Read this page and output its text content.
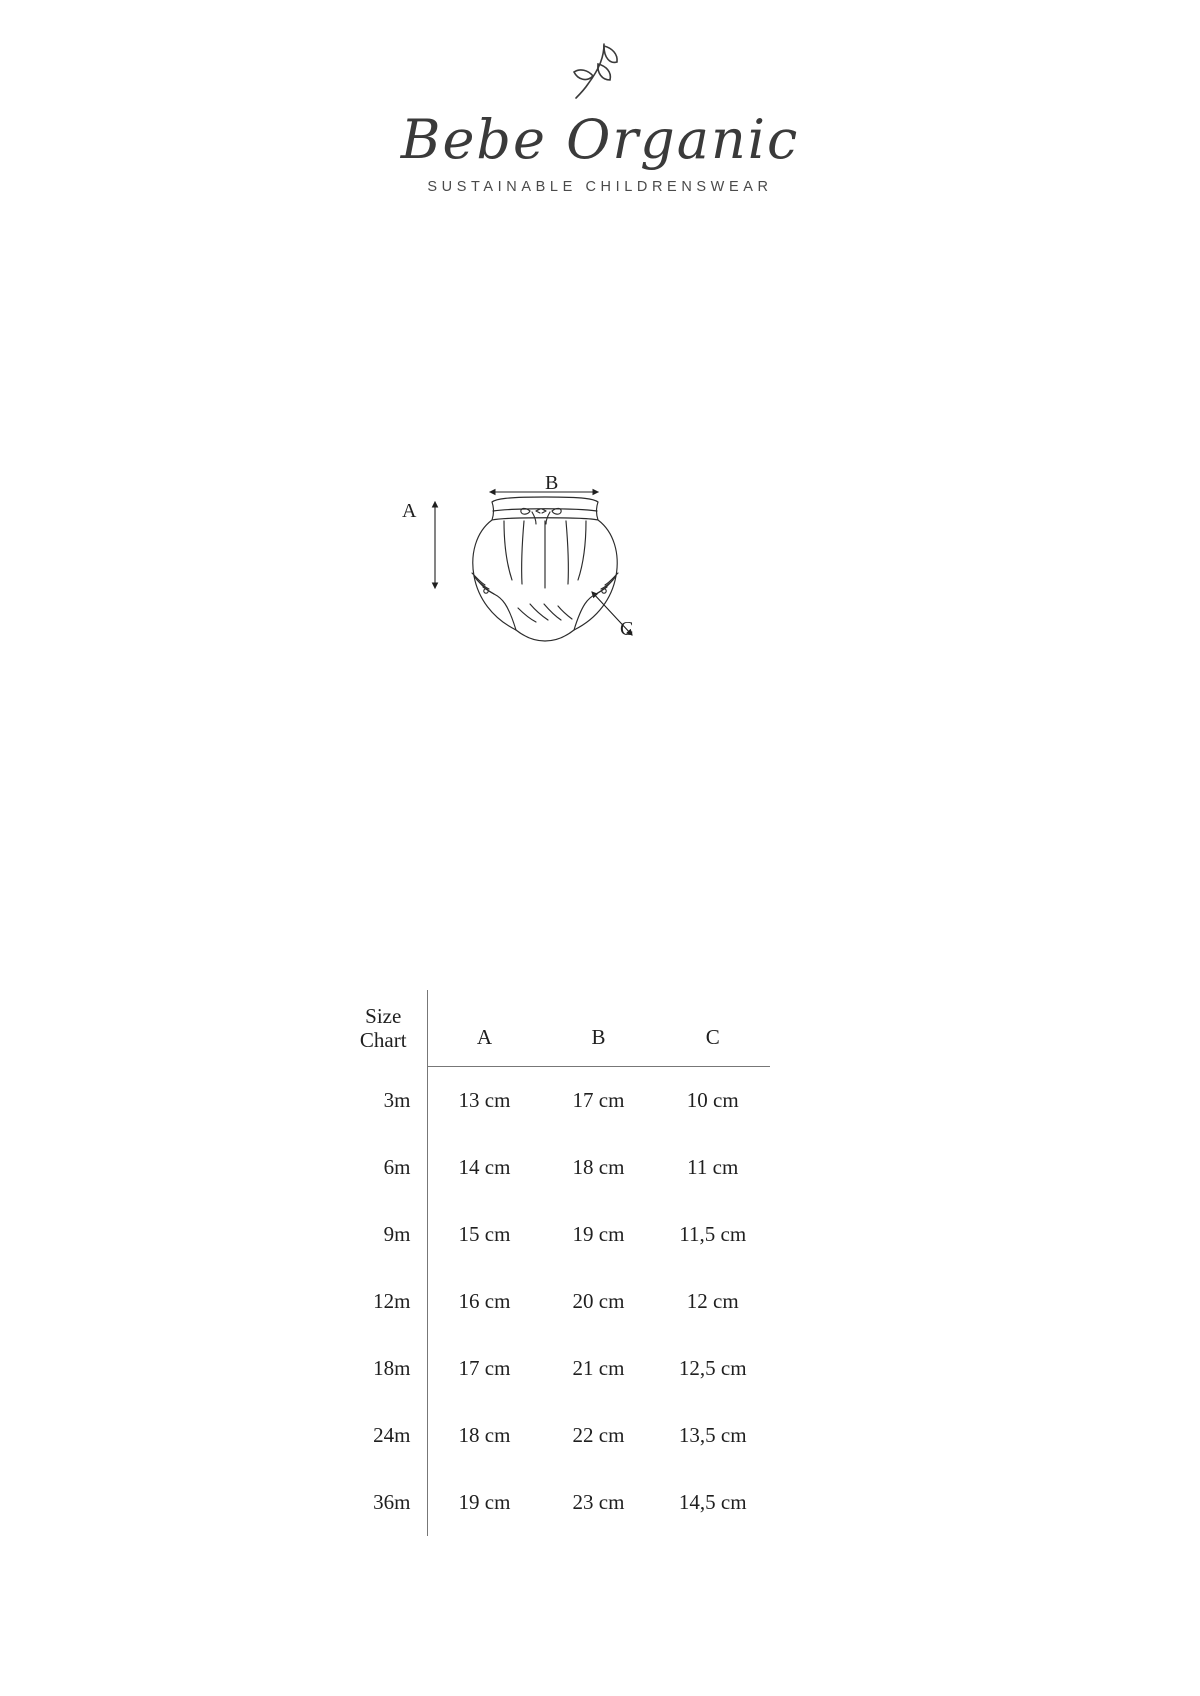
Bebe Organic
SUSTAINABLE CHILDRENSWEAR
A
B
C
Size
Chart	A	B	C
3m	13 cm	17 cm	10 cm
6m	14 cm	18 cm	11 cm
9m	15 cm	19 cm	11,5 cm
12m	16 cm	20 cm	12 cm
18m	17 cm	21 cm	12,5 cm
24m	18 cm	22 cm	13,5 cm
36m	19 cm	23 cm	14,5 cm
